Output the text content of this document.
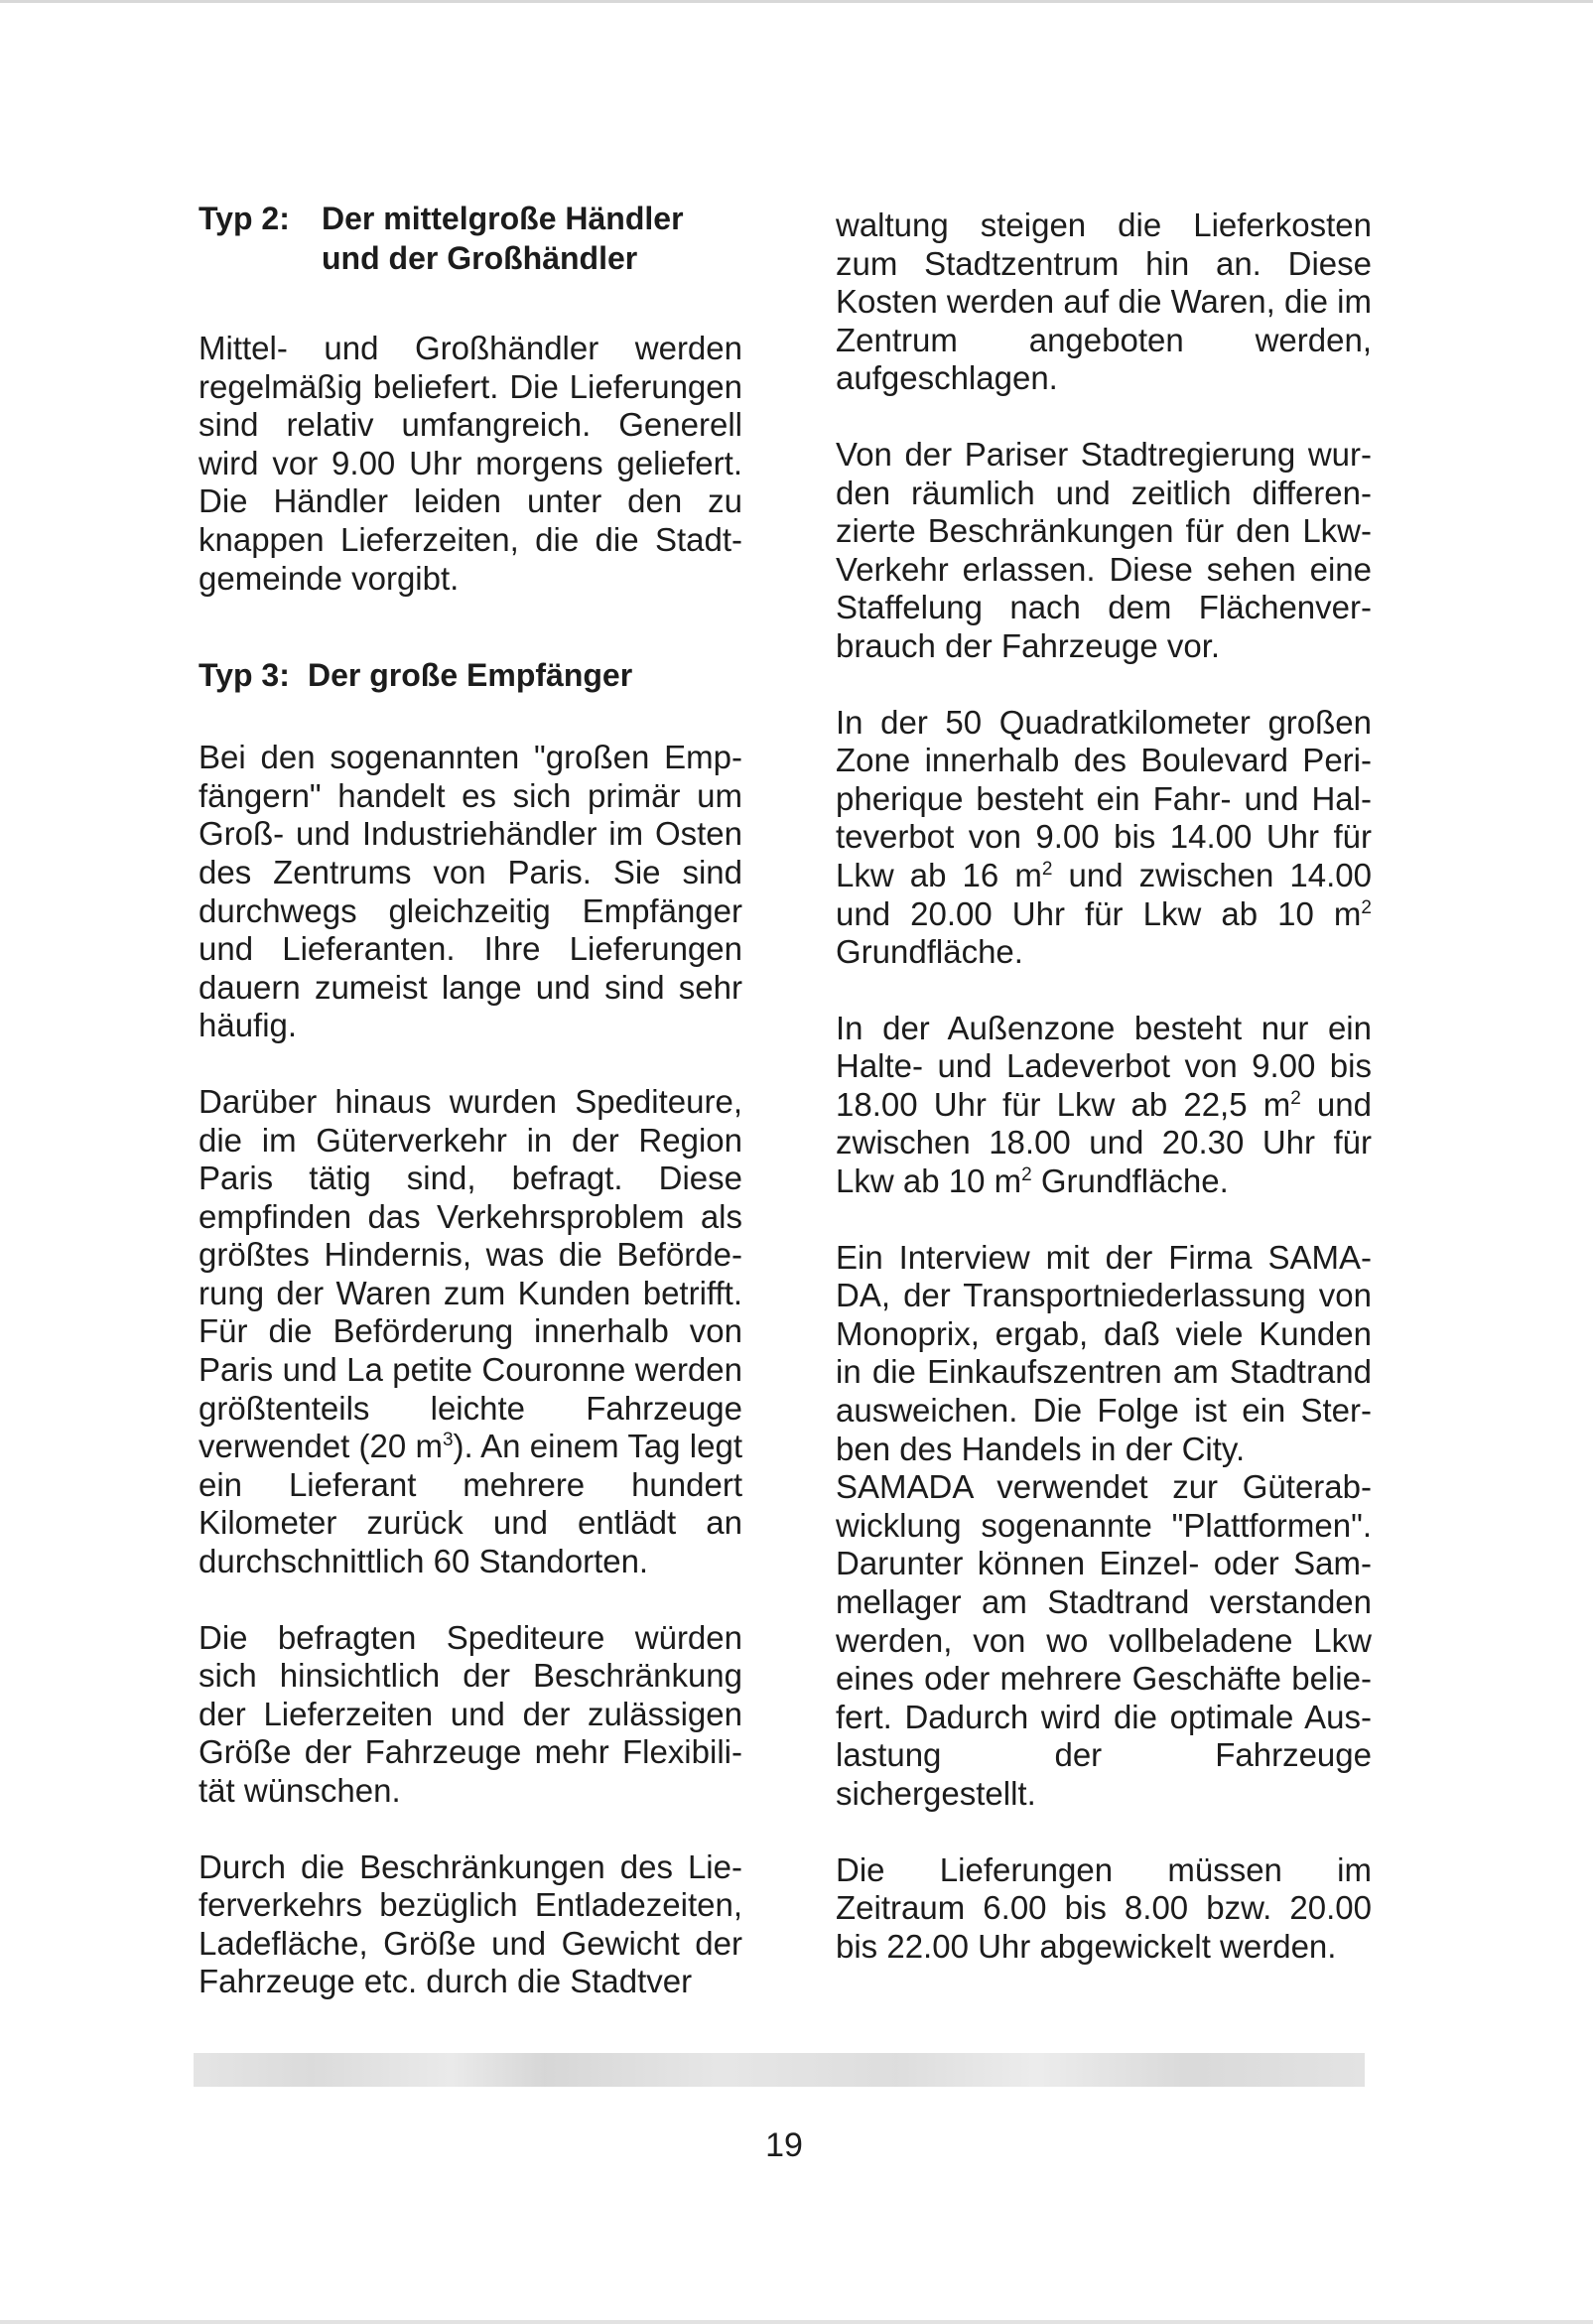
Typ 2:	Der mittelgroße Händler
und der Großhändler

Mittel- und Großhändler werden regelmäßig beliefert. Die Lieferungen sind relativ umfangreich. Generell wird vor 9.00 Uhr morgens geliefert. Die Händler leiden unter den zu knappen Lieferzeiten, die die Stadtgemeinde vorgibt.

Typ 3: Der große Empfänger

Bei den sogenannten "großen Empfängern" handelt es sich primär um Groß- und Industriehändler im Osten des Zentrums von Paris. Sie sind durchwegs gleichzeitig Empfänger und Lieferanten. Ihre Lieferungen dauern zumeist lange und sind sehr häufig.

Darüber hinaus wurden Spediteure, die im Güterverkehr in der Region Paris tätig sind, befragt. Diese empfinden das Verkehrsproblem als größtes Hindernis, was die Beförderung der Waren zum Kunden betrifft. Für die Beförderung innerhalb von Paris und La petite Couronne werden größtenteils leichte Fahrzeuge verwendet (20 $m^3$). An einem Tag legt ein Lieferant mehrere hundert Kilometer zurück und entlädt an durchschnittlich 60 Standorten.

Die befragten Spediteure würden sich hinsichtlich der Beschränkung der Lieferzeiten und der zulässigen Größe der Fahrzeuge mehr Flexibilität wünschen.

Durch die Beschränkungen des Lieferverkehrs bezüglich Entladezeiten, Ladefläche, Größe und Gewicht der Fahrzeuge etc. durch die Stadtver

waltung steigen die Lieferkosten zum Stadtzentrum hin an. Diese Kosten werden auf die Waren, die im Zentrum angeboten werden, aufgeschlagen.

Von der Pariser Stadtregierung wurden räumlich und zeitlich differenzierte Beschränkungen für den Lkw-Verkehr erlassen. Diese sehen eine Staffelung nach dem Flächenverbrauch der Fahrzeuge vor.

In der 50 Quadratkilometer großen Zone innerhalb des Boulevard Peripherique besteht ein Fahr- und Halteverbot von 9.00 bis 14.00 Uhr für Lkw ab 16 $m^2$ und zwischen 14.00 und 20.00 Uhr für Lkw ab 10 $m^2$ Grundfläche.

In der Außenzone besteht nur ein Halte- und Ladeverbot von 9.00 bis 18.00 Uhr für Lkw ab 22,5 $m^2$ und zwischen 18.00 und 20.30 Uhr für Lkw ab 10 $m^2$ Grundfläche.

Ein Interview mit der Firma SAMADA, der Transportniederlassung von Monoprix, ergab, daß viele Kunden in die Einkaufszentren am Stadtrand ausweichen. Die Folge ist ein Sterben des Handels in der City.

SAMADA verwendet zur Güterabwicklung sogenannte "Plattformen". Darunter können Einzel- oder Sammellager am Stadtrand verstanden werden, von wo vollbeladene Lkw eines oder mehrere Geschäfte beliefert. Dadurch wird die optimale Auslastung der Fahrzeuge sichergestellt.

Die Lieferungen müssen im Zeitraum 6.00 bis 8.00 bzw. 20.00 bis 22.00 Uhr abgewickelt werden.

19
